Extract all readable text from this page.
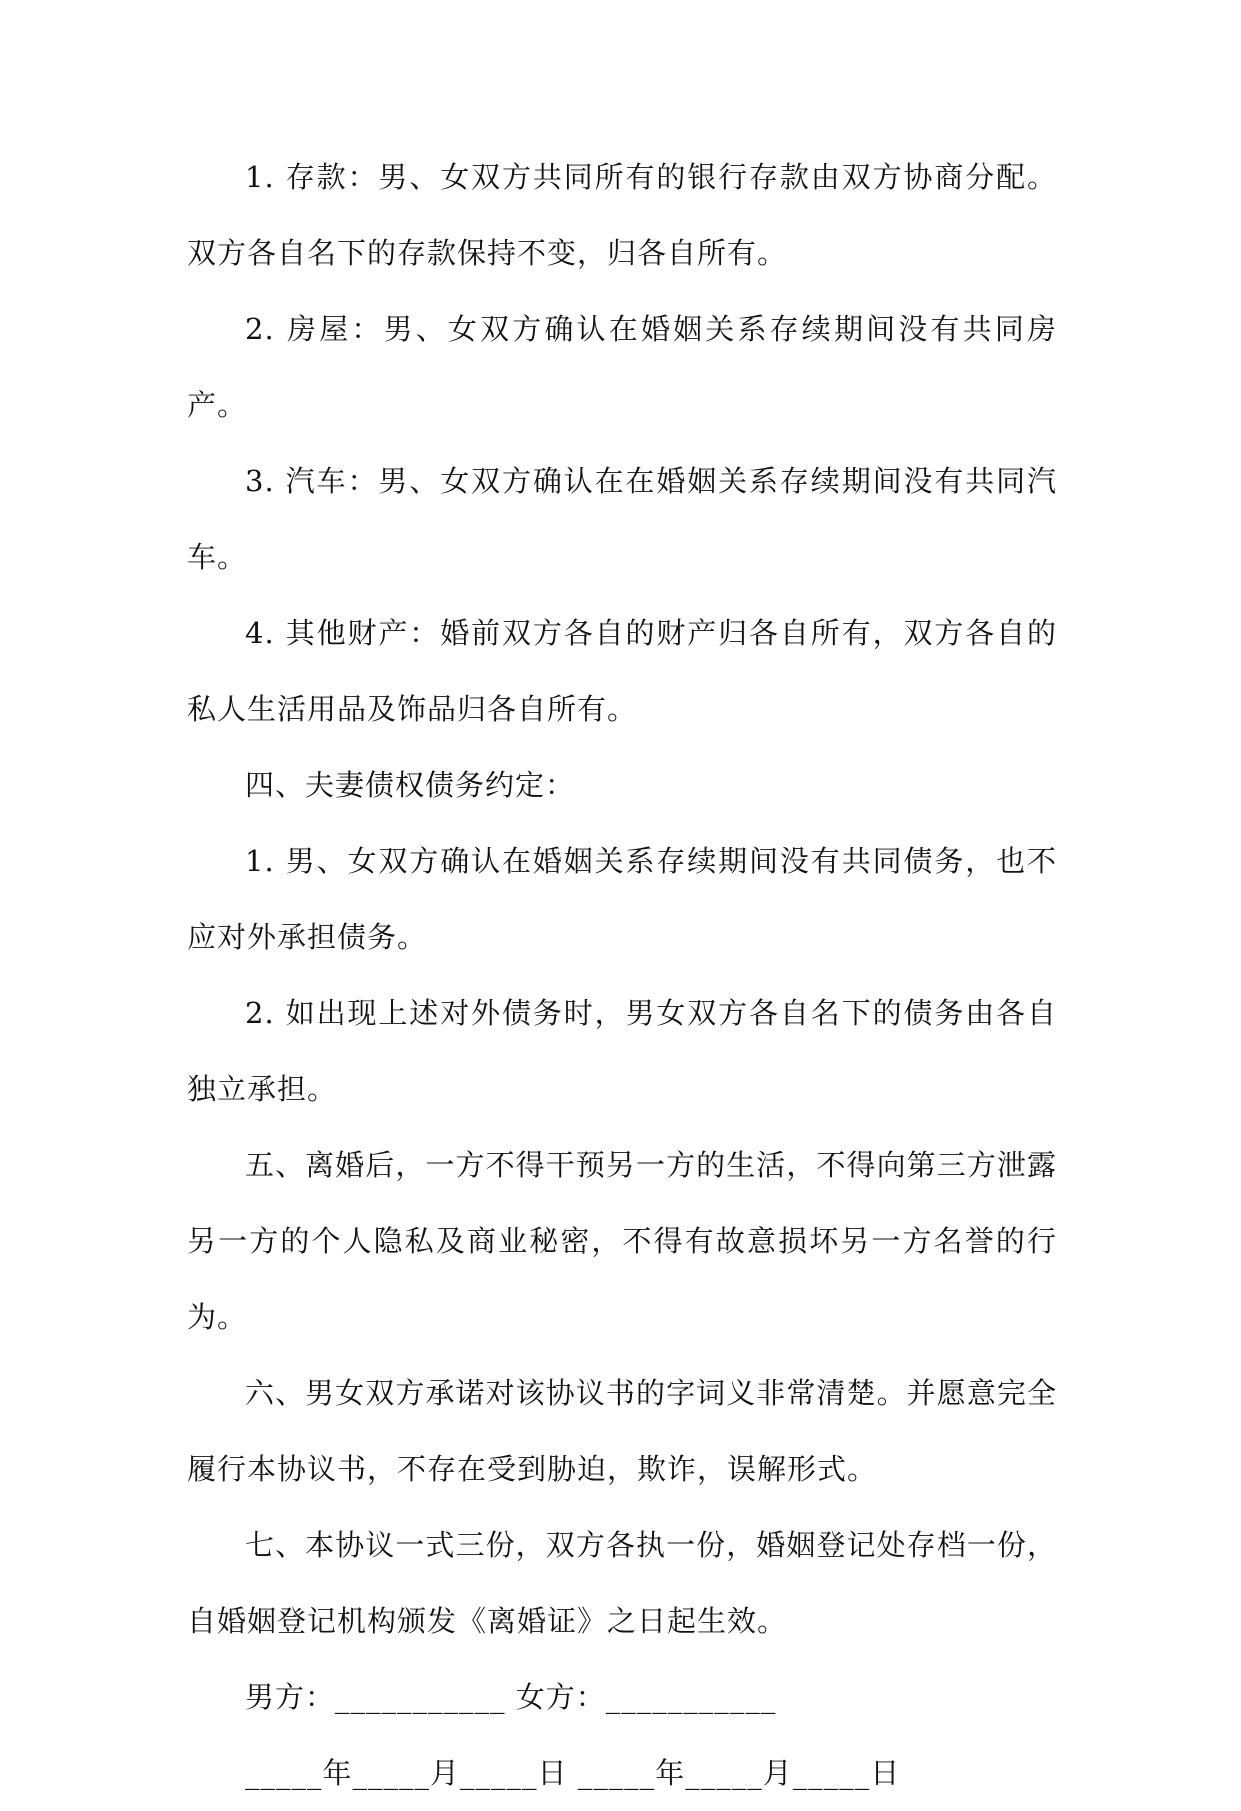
1. 存款：男、女双方共同所有的银行存款由双方协商分配。双方各自名下的存款保持不变，归各自所有。

2. 房屋：男、女双方确认在婚姻关系存续期间没有共同房产。

3. 汽车：男、女双方确认在在婚姻关系存续期间没有共同汽车。

4. 其他财产：婚前双方各自的财产归各自所有，双方各自的私人生活用品及饰品归各自所有。

四、夫妻债权债务约定：

1. 男、女双方确认在婚姻关系存续期间没有共同债务，也不应对外承担债务。

2. 如出现上述对外债务时，男女双方各自名下的债务由各自独立承担。

五、离婚后，一方不得干预另一方的生活，不得向第三方泄露另一方的个人隐私及商业秘密，不得有故意损坏另一方名誉的行为。

六、男女双方承诺对该协议书的字词义非常清楚。并愿意完全履行本协议书，不存在受到胁迫，欺诈，误解形式。

七、本协议一式三份，双方各执一份，婚姻登记处存档一份，自婚姻登记机构颁发《离婚证》之日起生效。

男方：___________ 女方：___________

_____年_____月_____日 _____年_____月_____日
